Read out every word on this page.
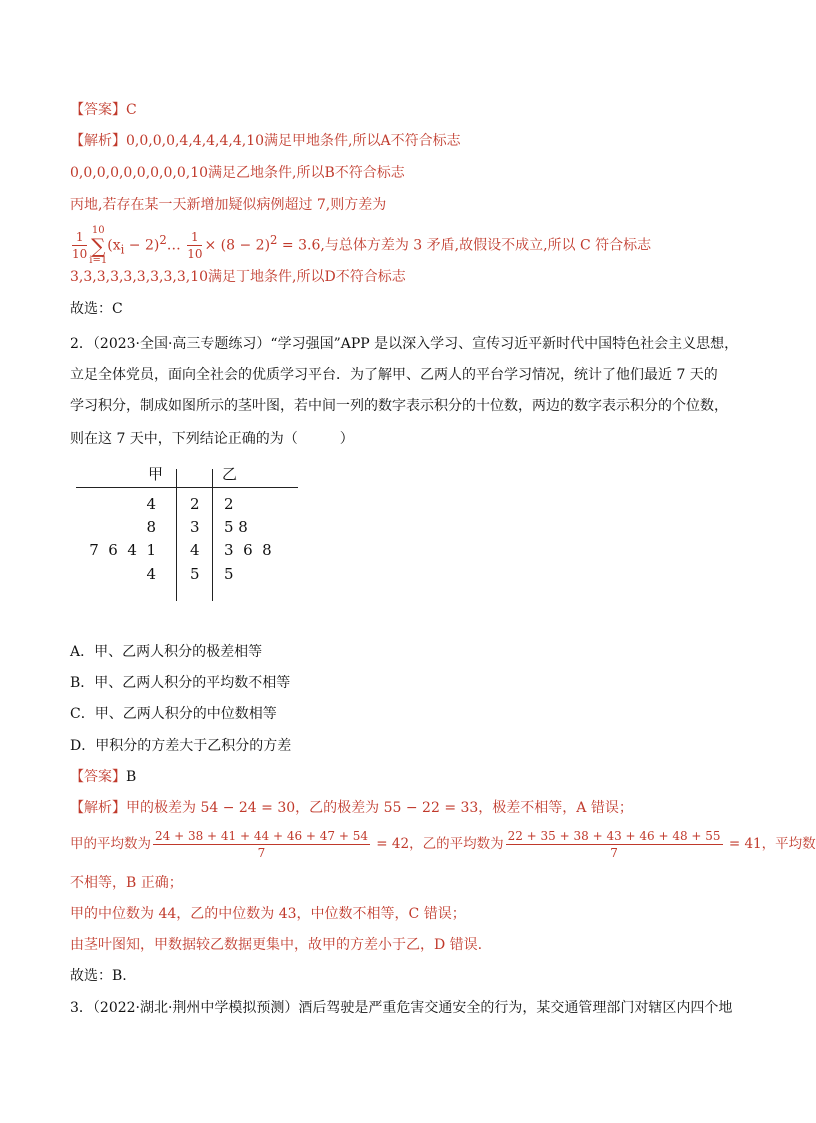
【答案】C
【解析】0,0,0,0,4,4,4,4,4,10满足甲地条件,所以A不符合标志
0,0,0,0,0,0,0,0,0,10满足乙地条件,所以B不符合标志
丙地,若存在某一天新增加疑似病例超过 7,则方差为
$\frac{1}{10} 10$
∑
$i=1(x_i$ − $2)^2\dots \frac{1}{10} \times (8 - 2)^2 = 3.6$,与总体方差为 3 矛盾,故假设不成立,所以 C 符合标志
3,3,3,3,3,3,3,3,3,10满足丁地条件,所以D不符合标志
故选：C
2．（2023·全国·高三专题练习）“学习强国”APP 是以深入学习、宣传习近平新时代中国特色社会主义思想，
立足全体党员，面向全社会的优质学习平台．为了解甲、乙两人的平台学习情况，统计了他们最近 7 天的
学习积分，制成如图所示的茎叶图，若中间一列的数字表示积分的十位数，两边的数字表示积分的个位数，
则在这 7 天中，下列结论正确的为（　　　）
甲	乙
4 2 2
8 3 5 8
7  6  4  1 4 3  6  8
4 5 5
A．甲、乙两人积分的极差相等
B．甲、乙两人积分的平均数不相等
C．甲、乙两人积分的中位数相等
D．甲积分的方差大于乙积分的方差
【答案】B
【解析】甲的极差为 54 − 24 = 30，乙的极差为 55 − 22 = 33，极差不相等，A 错误；
甲的平均数为 $\frac{24 + 38 + 41 + 44 + 46 + 47 + 54}{7} = 42$，乙的平均数为 $\frac{22 + 35 + 38 + 43 + 46 + 48 + 55}{7} = 41$，平均数
不相等，B 正确；
甲的中位数为 44，乙的中位数为 43，中位数不相等，C 错误；
由茎叶图知，甲数据较乙数据更集中，故甲的方差小于乙，D 错误.
故选：B.
3．（2022·湖北·荆州中学模拟预测）酒后驾驶是严重危害交通安全的行为，某交通管理部门对辖区内四个地
